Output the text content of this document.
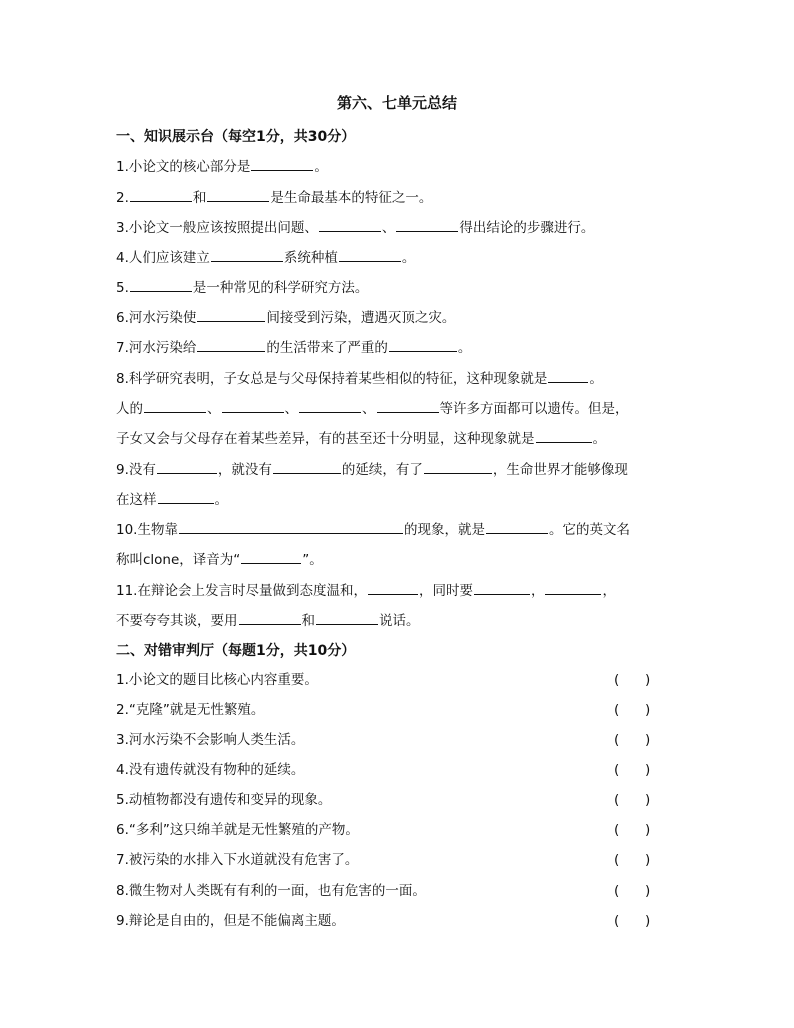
第六、七单元总结
一、知识展示台（每空1分，共30分）
1.小论文的核心部分是	。
2.	和	是生命最基本的特征之一。
3.小论文一般应该按照提出问题、	、	得出结论的步骤进行。
4.人们应该建立	系统种植	。
5.	是一种常见的科学研究方法。
6.河水污染使	间接受到污染，遭遇灭顶之灾。
7.河水污染给	的生活带来了严重的	。
8.科学研究表明，子女总是与父母保持着某些相似的特征，这种现象就是	。
人的	、	、	、	等许多方面都可以遗传。但是，
子女又会与父母存在着某些差异，有的甚至还十分明显，这种现象就是	。
9.没有	，就没有	的延续，有了	，生命世界才能够像现
在这样	。
10.生物靠	的现象，就是	。它的英文名
称叫clone，译音为“	”。
11.在辩论会上发言时尽量做到态度温和，	，同时要	，	，
不要夸夸其谈，要用	和	说话。
二、对错审判厅（每题1分，共10分）
1.小论文的题目比核心内容重要。	(      )
2.“克隆”就是无性繁殖。	(      )
3.河水污染不会影响人类生活。	(      )
4.没有遗传就没有物种的延续。	(      )
5.动植物都没有遗传和变异的现象。	(      )
6.“多利”这只绵羊就是无性繁殖的产物。	(      )
7.被污染的水排入下水道就没有危害了。	(      )
8.微生物对人类既有有利的一面，也有危害的一面。	(      )
9.辩论是自由的，但是不能偏离主题。	(      )
